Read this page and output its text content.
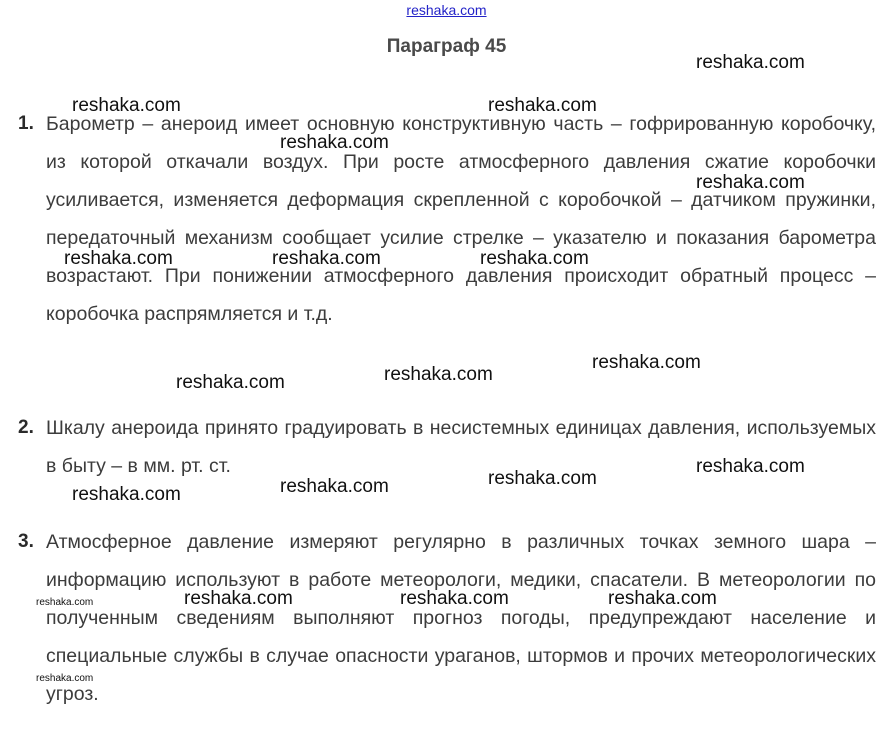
reshaka.com
Параграф 45
1. Барометр – анероид имеет основную конструктивную часть – гофрированную коробочку, из которой откачали воздух. При росте атмосферного давления сжатие коробочки усиливается, изменяется деформация скрепленной с коробочкой – датчиком пружинки, передаточный механизм сообщает усилие стрелке – указателю и показания барометра возрастают. При понижении атмосферного давления происходит обратный процесс – коробочка распрямляется и т.д.
2. Шкалу анероида принято градуировать в несистемных единицах давления, используемых в быту – в мм. рт. ст.
3. Атмосферное давление измеряют регулярно в различных точках земного шара – информацию используют в работе метеорологи, медики, спасатели. В метеорологии по полученным сведениям выполняют прогноз погоды, предупреждают население и специальные службы в случае опасности ураганов, штормов и прочих метеорологических угроз.
reshaka.com
reshaka.com	reshaka.com
reshaka.com
reshaka.com
reshaka.com	reshaka.com	reshaka.com
reshaka.com
reshaka.com
reshaka.com
reshaka.com
reshaka.com
reshaka.com
reshaka.com
reshaka.com	reshaka.com	reshaka.com
reshaka.com
reshaka.com
